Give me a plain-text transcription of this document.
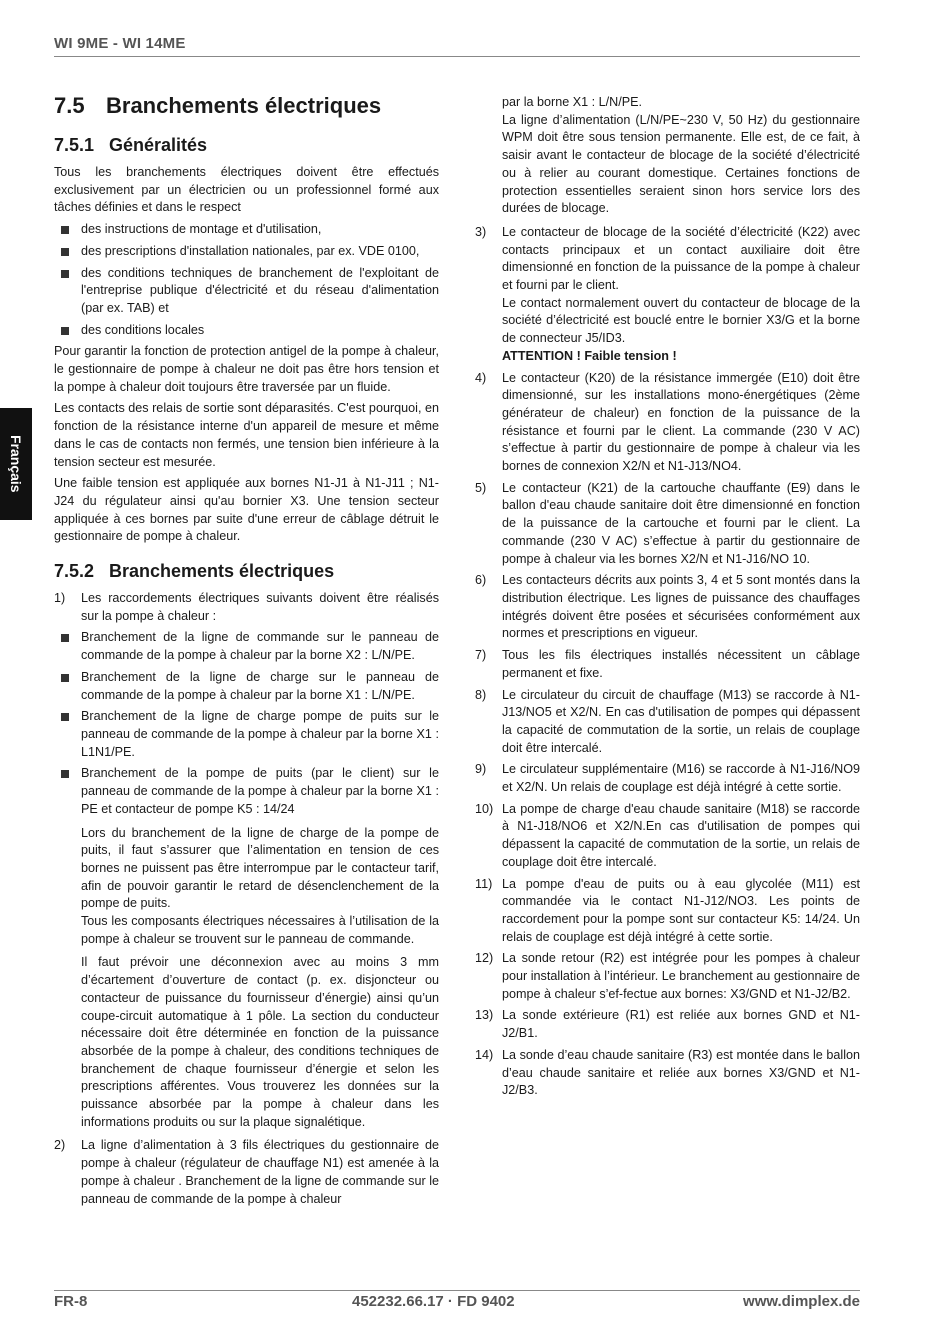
WI 9ME - WI 14ME
Français
7.5 Branchements électriques
7.5.1 Généralités

Tous les branchements électriques doivent être effectués exclusivement par un électricien ou un professionnel formé aux tâches définies et dans le respect

des instructions de montage et d'utilisation,
des prescriptions d'installation nationales, par ex. VDE 0100,
des conditions techniques de branchement de l'exploitant de l'entreprise publique d'électricité et du réseau d'alimentation (par ex. TAB) et
des conditions locales

Pour garantir la fonction de protection antigel de la pompe à chaleur, le gestionnaire de pompe à chaleur ne doit pas être hors tension et la pompe à chaleur doit toujours être traversée par un fluide.

Les contacts des relais de sortie sont déparasités. C'est pourquoi, en fonction de la résistance interne d'un appareil de mesure et même dans le cas de contacts non fermés, une tension bien inférieure à la tension secteur est mesurée.

Une faible tension est appliquée aux bornes N1-J1 à N1-J11 ; N1-J24 du régulateur ainsi qu'au bornier X3. Une tension secteur appliquée à ces bornes par suite d'une erreur de câblage détruit le gestionnaire de pompe à chaleur.

7.5.2 Branchements électriques
1) Les raccordements électriques suivants doivent être réalisés sur la pompe à chaleur :
Branchement de la ligne de commande sur le panneau de commande de la pompe à chaleur par la borne X2 : L/N/PE.
Branchement de la ligne de charge sur le panneau de commande de la pompe à chaleur par la borne X1 : L/N/PE.
Branchement de la ligne de charge pompe de puits sur le panneau de commande de la pompe à chaleur par la borne X1 : L1N1/PE.
Branchement de la pompe de puits (par le client) sur le panneau de commande de la pompe à chaleur par la borne X1 : PE et contacteur de pompe K5 : 14/24

Lors du branchement de la ligne de charge de la pompe de puits, il faut s’assurer que l’alimentation en tension de ces bornes ne puissent pas être interrompue par le contacteur tarif, afin de pouvoir garantir le retard de désenclenchement de la pompe de puits.

Tous les composants électriques nécessaires à l’utilisation de la pompe à chaleur se trouvent sur le panneau de commande.

Il faut prévoir une déconnexion avec au moins 3 mm d’écartement d’ouverture de contact (p. ex. disjoncteur ou contacteur de puissance du fournisseur d’énergie) ainsi qu’un coupe-circuit automatique à 1 pôle. La section du conducteur nécessaire doit être déterminée en fonction de la puissance absorbée de la pompe à chaleur, des conditions techniques de branchement de chaque fournisseur d’énergie et selon les prescriptions afférentes. Vous trouverez les données sur la puissance absorbée par la pompe à chaleur dans les informations produits ou sur la plaque signalétique.

2) La ligne d’alimentation à 3 fils électriques du gestionnaire de pompe à chaleur (régulateur de chauffage N1) est amenée à la pompe à chaleur . Branchement de la ligne de commande sur le panneau de commande de la pompe à chaleur

par la borne X1 : L/N/PE.

La ligne d’alimentation (L/N/PE~230 V, 50 Hz) du gestionnaire WPM doit être sous tension permanente. Elle est, de ce fait, à saisir avant le contacteur de blocage de la société d’électricité ou à relier au courant domestique. Certaines fonctions de protection essentielles seraient sinon hors service lors des durées de blocage.

3) Le contacteur de blocage de la société d’électricité (K22) avec contacts principaux et un contact auxiliaire doit être dimensionné en fonction de la puissance de la pompe à chaleur et fourni par le client.

Le contact normalement ouvert du contacteur de blocage de la société d’électricité est bouclé entre le bornier X3/G et la borne de connecteur J5/ID3.

ATTENTION ! Faible tension !

4) Le contacteur (K20) de la résistance immergée (E10) doit être dimensionné, sur les installations mono-énergétiques (2ème générateur de chaleur) en fonction de la puissance de la résistance et fourni par le client. La commande (230 V AC) s’effectue à partir du gestionnaire de pompe à chaleur via les bornes de connexion X2/N et N1-J13/NO4.
5) Le contacteur (K21) de la cartouche chauffante (E9) dans le ballon d'eau chaude sanitaire doit être dimensionné en fonction de la puissance de la cartouche et fourni par le client. La commande (230 V AC) s’effectue à partir du gestionnaire de pompe à chaleur via les bornes X2/N et N1-J16/NO 10.
6) Les contacteurs décrits aux points 3, 4 et 5 sont montés dans la distribution électrique. Les lignes de puissance des chauffages intégrés doivent être posées et sécurisées conformément aux normes et prescriptions en vigueur.
7) Tous les fils électriques installés nécessitent un câblage permanent et fixe.
8) Le circulateur du circuit de chauffage (M13) se raccorde à N1-J13/NO5 et X2/N. En cas d'utilisation de pompes qui dépassent la capacité de commutation de la sortie, un relais de couplage doit être intercalé.
9) Le circulateur supplémentaire (M16) se raccorde à N1-J16/NO9 et X2/N. Un relais de couplage est déjà intégré à cette sortie.
10) La pompe de charge d'eau chaude sanitaire (M18) se raccorde à N1-J18/NO6 et X2/N.En cas d'utilisation de pompes qui dépassent la capacité de commutation de la sortie, un relais de couplage doit être intercalé.
11) La pompe d'eau de puits ou à eau glycolée (M11) est commandée via le contact N1-J12/NO3. Les points de raccordement pour la pompe sont sur contacteur K5: 14/24. Un relais de couplage est déjà intégré à cette sortie.
12) La sonde retour (R2) est intégrée pour les pompes à chaleur pour installation à l’intérieur. Le branchement au gestionnaire de pompe à chaleur s’ef-fectue aux bornes: X3/GND et N1-J2/B2.
13) La sonde extérieure (R1) est reliée aux bornes GND et N1-J2/B1.
14) La sonde d’eau chaude sanitaire (R3) est montée dans le ballon d’eau chaude sanitaire et reliée aux bornes X3/GND et N1-J2/B3.
FR-8	452232.66.17 · FD 9402	www.dimplex.de
